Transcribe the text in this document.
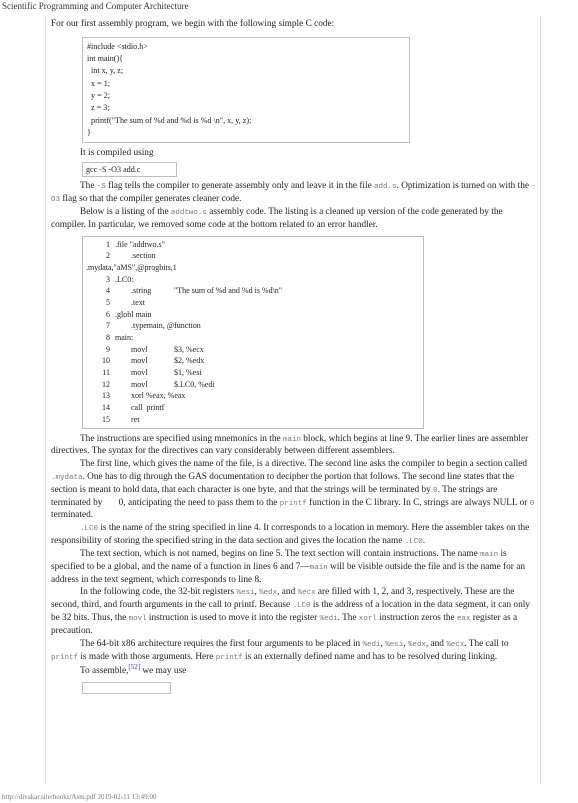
Scientific Programming and Computer Architecture

For our first assembly program, we begin with the following simple C code:

#include <stdio.h>
int main(){
int x, y, z;
x = 1;
y = 2;
z = 3;
printf("The sum of %d and %d is %d \n", x, y, z);
}

It is compiled using

gcc -S -O3 add.c

The -S flag tells the compiler to generate assembly only and leave it in the file add.s. Optimization is turned on with the -O3 flag so that the compiler generates cleaner code.

Below is a listing of the addtwo.s assembly code. The listing is a cleaned up version of the code generated by the compiler. In particular, we removed some code at the bottom related to an error handler.

1 .file "addtwo.s"
2 .section
.mydata,"aMS",@progbits,1
3 .LC0:
4 .string	"The sum of %d and %d is %d\n"
5 .text
6 .globl main
7 .typemain, @function
8 main:
9 movl	$3, %ecx
10 movl	$2, %edx
11 movl	$1, %esi
12 movl	$.LC0, %edi
13 xorl %eax, %eax
14 call  printf
15 ret

The instructions are specified using mnemonics in the main block, which begins at line 9. The earlier lines are assembler directives. The syntax for the directives can vary considerably between different assemblers.

The first line, which gives the name of the file, is a directive. The second line asks the compiler to begin a section called .mydata. One has to dig through the GAS documentation to decipher the portion that follows. The second line states that the section is meant to hold data, that each character is one byte, and that the strings will be terminated by 0. The strings are terminated by       0, anticipating the need to pass them to the printf function in the C library. In C, strings are always NULL or 0 terminated.

.LC0 is the name of the string specified in line 4. It corresponds to a location in memory. Here the assembler takes on the responsibility of storing the specified string in the data section and gives the location the name .LC0.

The text section, which is not named, begins on line 5. The text section will contain instructions. The name main is specified to be a global, and the name of a function in lines 6 and 7—main will be visible outside the file and is the name for an address in the text segment, which corresponds to line 8.

In the following code, the 32-bit registers %esi, %edx, and %ecx are filled with 1, 2, and 3, respectively. These are the second, third, and fourth arguments in the call to printf. Because .LC0 is the address of a location in the data segment, it can only be 32 bits. Thus, the movl instruction is used to move it into the register %edi. The xorl instruction zeros the eax register as a precaution.

The 64-bit x86 architecture requires the first four arguments to be placed in %edi, %esi, %edx, and %ecx. The call to printf is made with those arguments. Here printf is an externally defined name and has to be resolved during linking.

To assemble,[52] we may use

http://divakar.site/books/Asm.pdf 2019-02-11 13:49:00
